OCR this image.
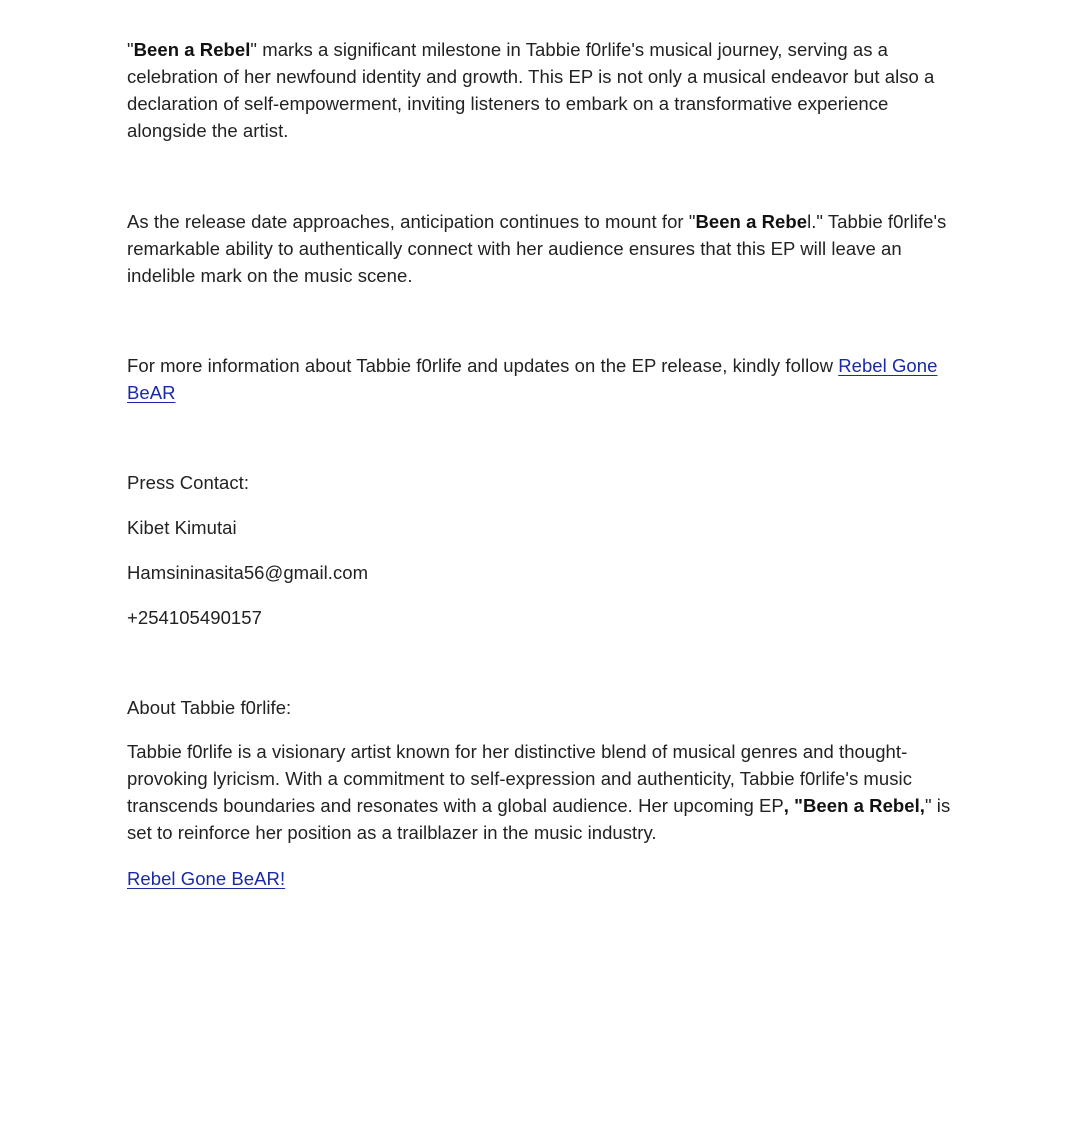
"Been a Rebel" marks a significant milestone in Tabbie f0rlife's musical journey, serving as a celebration of her newfound identity and growth. This EP is not only a musical endeavor but also a declaration of self-empowerment, inviting listeners to embark on a transformative experience alongside the artist.

As the release date approaches, anticipation continues to mount for "Been a Rebel." Tabbie f0rlife's remarkable ability to authentically connect with her audience ensures that this EP will leave an indelible mark on the music scene.

For more information about Tabbie f0rlife and updates on the EP release, kindly follow Rebel Gone BeAR

Press Contact:

Kibet Kimutai

Hamsininasita56@gmail.com

+254105490157

About Tabbie f0rlife:

Tabbie f0rlife is a visionary artist known for her distinctive blend of musical genres and thought-provoking lyricism. With a commitment to self-expression and authenticity, Tabbie f0rlife's music transcends boundaries and resonates with a global audience. Her upcoming EP, "Been a Rebel," is set to reinforce her position as a trailblazer in the music industry.

Rebel Gone BeAR!
